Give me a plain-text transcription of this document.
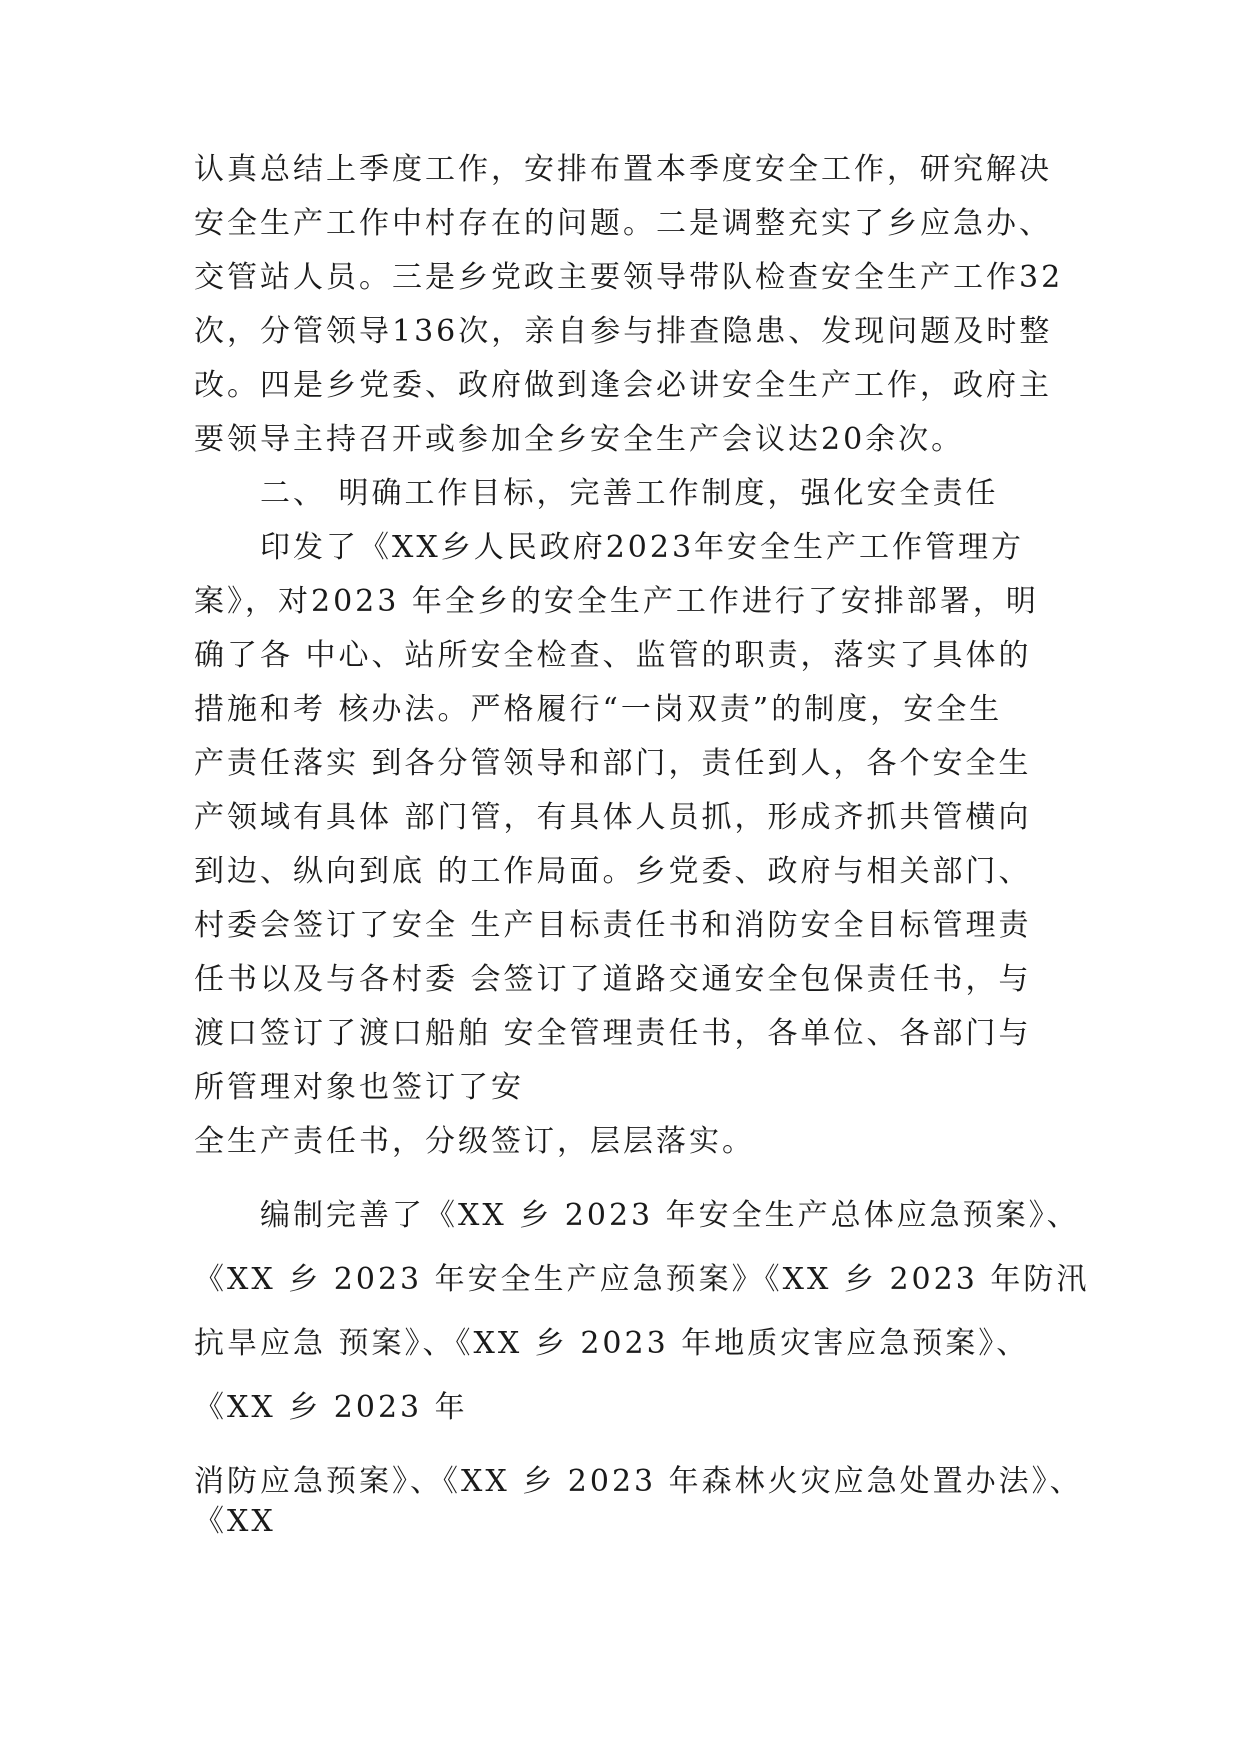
认真总结上季度工作，安排布置本季度安全工作，研究解决
安全生产工作中村存在的问题。二是调整充实了乡应急办、
交管站人员。三是乡党政主要领导带队检查安全生产工作32
次，分管领导136次，亲自参与排查隐患、发现问题及时整
改。四是乡党委、政府做到逢会必讲安全生产工作，政府主
要领导主持召开或参加全乡安全生产会议达20余次。
二、 明确工作目标，完善工作制度，强化安全责任
印发了《XX乡人民政府2023年安全生产工作管理方
案》，对2023 年全乡的安全生产工作进行了安排部署，明
确了各 中心、站所安全检查、监管的职责，落实了具体的
措施和考 核办法。严格履行“一岗双责”的制度，安全生
产责任落实 到各分管领导和部门，责任到人，各个安全生
产领域有具体 部门管，有具体人员抓，形成齐抓共管横向
到边、纵向到底 的工作局面。乡党委、政府与相关部门、
村委会签订了安全 生产目标责任书和消防安全目标管理责
任书以及与各村委 会签订了道路交通安全包保责任书，与
渡口签订了渡口船舶 安全管理责任书，各单位、各部门与
所管理对象也签订了安
全生产责任书，分级签订，层层落实。
编制完善了《XX 乡 2023 年安全生产总体应急预案》、
《XX 乡 2023 年安全生产应急预案》《XX 乡 2023 年防汛
抗旱应急 预案》、《XX 乡 2023 年地质灾害应急预案》、
《XX 乡 2023 年
消防应急预案》、《XX 乡 2023 年森林火灾应急处置办法》、
《XX
